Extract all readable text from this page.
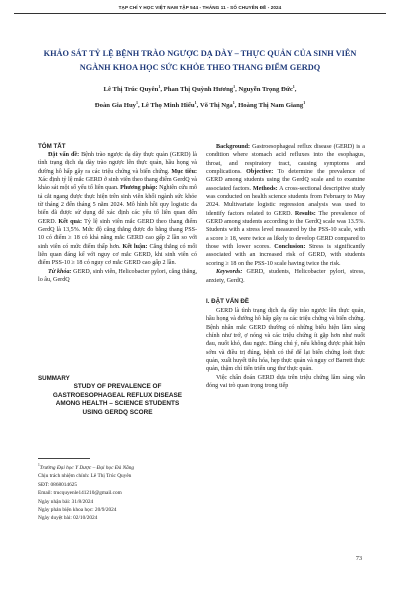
TẠP CHÍ Y HỌC VIỆT NAM TẬP 544 - THÁNG 11 - SỐ CHUYÊN ĐỀ - 2024
KHẢO SÁT TỶ LỆ BỆNH TRÀO NGƯỢC DẠ DÀY – THỰC QUẢN CỦA SINH VIÊN NGÀNH KHOA HỌC SỨC KHỎE THEO THANG ĐIỂM GERDQ
Lê Thị Trúc Quyên$^1$, Phan Thị Quỳnh Hương$^1$, Nguyễn Trọng Đức$^1$,
Đoàn Gia Huy$^1$, Lê Thọ Minh Hiếu$^1$, Võ Thị Nga$^1$, Hoàng Thị Nam Giang$^1$
TÓM TẮT
Đặt vấn đề: Bệnh trào ngược dạ dày thực quản (GERD) là tình trạng dịch dạ dày trào ngược lên thực quản, hầu họng và đường hô hấp gây ra các triệu chứng và biến chứng. Mục tiêu: Xác định tỷ lệ mắc GERD ở sinh viên theo thang điểm GerdQ và khảo sát một số yếu tố liên quan. Phương pháp: Nghiên cứu mô tả cắt ngang được thực hiện trên sinh viên khối ngành sức khỏe từ tháng 2 đến tháng 5 năm 2024. Mô hình hồi quy logistic đa biến đã được sử dụng để xác định các yếu tố liên quan đến GERD. Kết quả: Tỷ lệ sinh viên mắc GERD theo thang điểm GerdQ là 13,5%. Mức độ căng thẳng được đo bằng thang PSS-10 có điểm ≥ 18 có khả năng mắc GERD cao gấp 2 lần so với sinh viên có mức điểm thấp hơn. Kết luận: Căng thẳng có mối liên quan đáng kể với nguy cơ mắc GERD, khi sinh viên có điểm PSS-10 ≥ 18 có nguy cơ mắc GERD cao gấp 2 lần.
Từ khóa: GERD, sinh viên, Helicobacter pylori, căng thẳng, lo âu, GerdQ
SUMMARY
STUDY OF PREVALENCE OF GASTROESOPHAGEAL REFLUX DISEASE AMONG HEALTH – SCIENCE STUDENTS USING GERDQ SCORE
$^1$Trường Đại học Y Dược – Đại học Đà Nẵng
Chịu trách nhiệm chính: Lê Thị Trúc Quyên
SĐT: 0868014625
Email: trucquyenle141210@gmail.com
Ngày nhận bài: 31/8/2024
Ngày phản biện khoa học: 20/9/2024
Ngày duyệt bài: 02/10/2024
Background: Gastroesophageal reflux disease (GERD) is a condition where stomach acid refluxes into the esophagus, throat, and respiratory tract, causing symptoms and complications. Objective: To determine the prevalence of GERD among students using the GerdQ scale and to examine associated factors. Methods: A cross-sectional descriptive study was conducted on health science students from February to May 2024. Multivariate logistic regression analysis was used to identify factors related to GERD. Results: The prevalence of GERD among students according to the GerdQ scale was 13.5%. Students with a stress level measured by the PSS-10 scale, with a score ≥ 18, were twice as likely to develop GERD compared to those with lower scores. Conclusion: Stress is significantly associated with an increased risk of GERD, with students scoring ≥ 18 on the PSS-10 scale having twice the risk.
Keywords: GERD, students, Helicobacter pylori, stress, anxiety, GerdQ.
I. ĐẶT VẤN ĐỀ
GERD là tình trạng dịch dạ dày trào ngược lên thực quản, hầu họng và đường hô hấp gây ra các triệu chứng và biến chứng. Bệnh nhân mắc GERD thường có những biểu hiện lâm sàng chính như trớ, ợ nóng và các triệu chứng ít gặp hơn như nuốt đau, nuốt khó, đau ngực. Đáng chú ý, nếu không được phát hiện sớm và điều trị đúng, bệnh có thể để lại biến chứng loét thực quản, xuất huyết tiêu hóa, hẹp thực quản và nguy cơ Barrett thực quản, thậm chí tiến triển ung thư thực quản.
Việc chẩn đoán GERD dựa trên triệu chứng lâm sàng vẫn đóng vai trò quan trọng trong tiếp
73
